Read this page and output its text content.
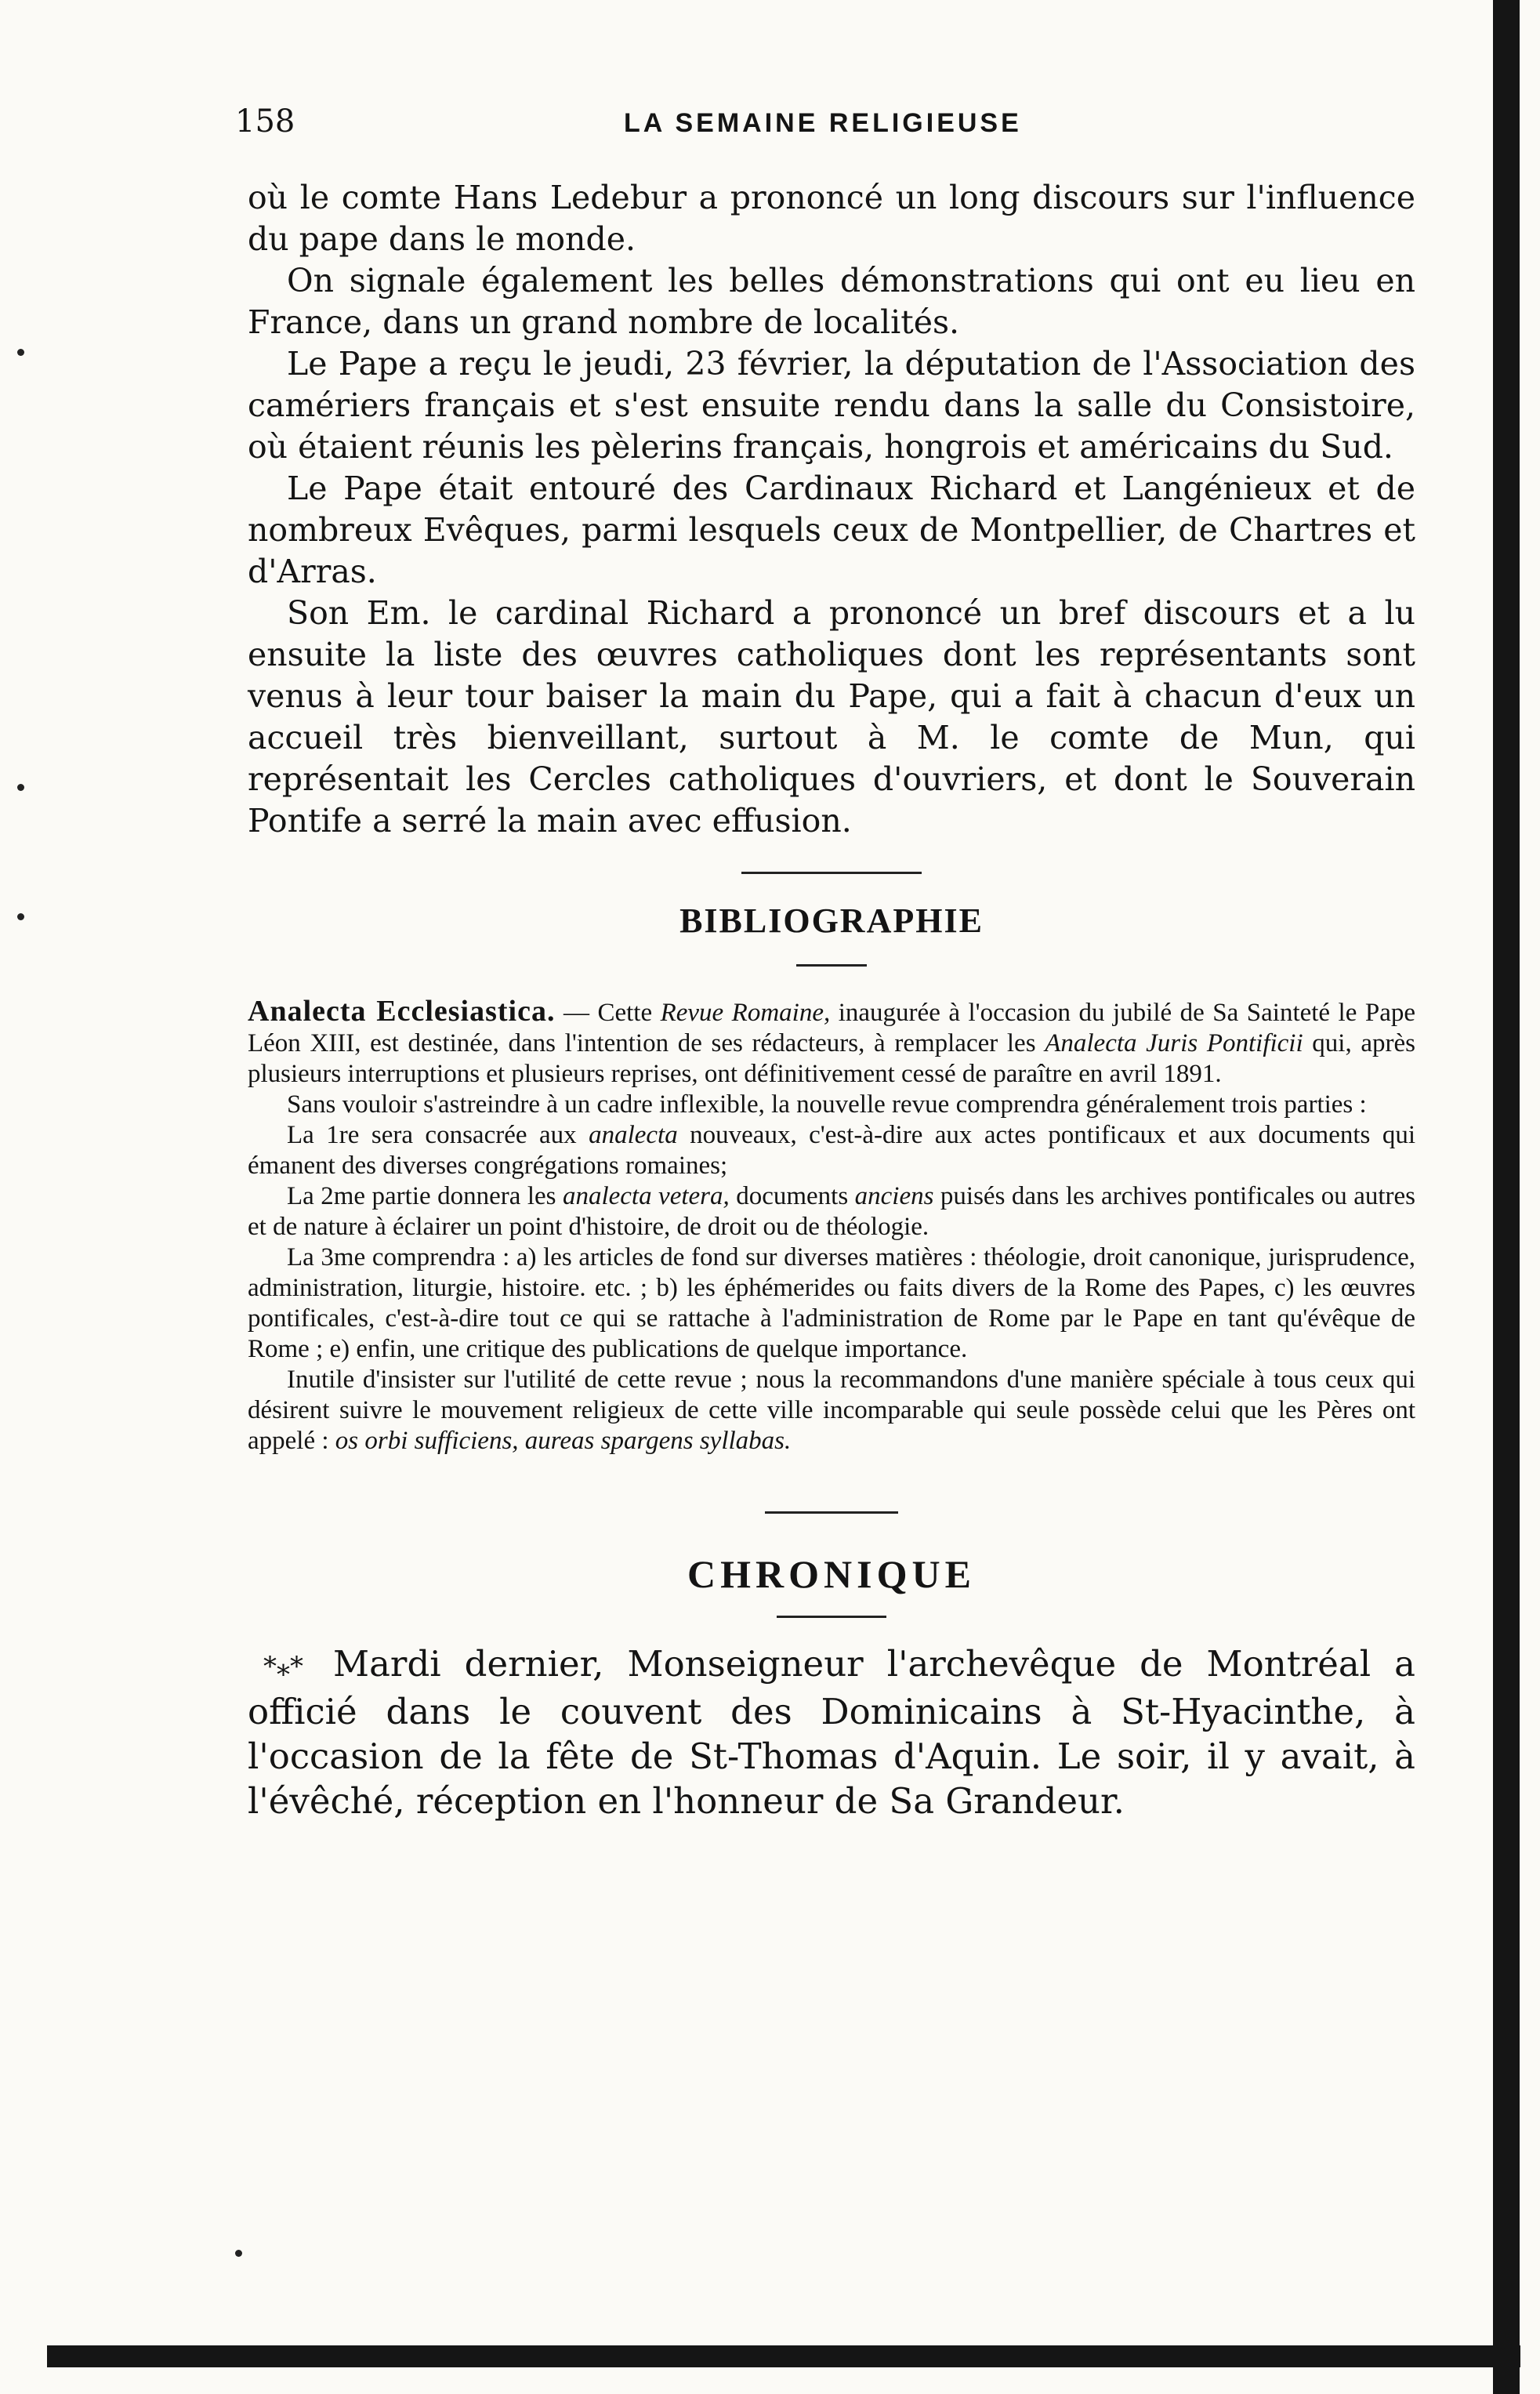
158	LA SEMAINE RELIGIEUSE

où le comte Hans Ledebur a prononcé un long discours sur l'influence du pape dans le monde.

On signale également les belles démonstrations qui ont eu lieu en France, dans un grand nombre de localités.

Le Pape a reçu le jeudi, 23 février, la députation de l'Association des camériers français et s'est ensuite rendu dans la salle du Consistoire, où étaient réunis les pèlerins français, hongrois et américains du Sud.

Le Pape était entouré des Cardinaux Richard et Langénieux et de nombreux Evêques, parmi lesquels ceux de Montpellier, de Chartres et d'Arras.

Son Em. le cardinal Richard a prononcé un bref discours et a lu ensuite la liste des œuvres catholiques dont les représentants sont venus à leur tour baiser la main du Pape, qui a fait à chacun d'eux un accueil très bienveillant, surtout à M. le comte de Mun, qui représentait les Cercles catholiques d'ouvriers, et dont le Souverain Pontife a serré la main avec effusion.

BIBLIOGRAPHIE

Analecta Ecclesiastica. — Cette Revue Romaine, inaugurée à l'occasion du jubilé de Sa Sainteté le Pape Léon XIII, est destinée, dans l'intention de ses rédacteurs, à remplacer les Analecta Juris Pontificii qui, après plusieurs interruptions et plusieurs reprises, ont définitivement cessé de paraître en avril 1891.

Sans vouloir s'astreindre à un cadre inflexible, la nouvelle revue comprendra généralement trois parties :

La 1re sera consacrée aux analecta nouveaux, c'est-à-dire aux actes pontificaux et aux documents qui émanent des diverses congrégations romaines;

La 2me partie donnera les analecta vetera, documents anciens puisés dans les archives pontificales ou autres et de nature à éclairer un point d'histoire, de droit ou de théologie.

La 3me comprendra : a) les articles de fond sur diverses matières : théologie, droit canonique, jurisprudence, administration, liturgie, histoire. etc. ; b) les éphémerides ou faits divers de la Rome des Papes, c) les œuvres pontificales, c'est-à-dire tout ce qui se rattache à l'administration de Rome par le Pape en tant qu'évêque de Rome ; e) enfin, une critique des publications de quelque importance.

Inutile d'insister sur l'utilité de cette revue ; nous la recommandons d'une manière spéciale à tous ceux qui désirent suivre le mouvement religieux de cette ville incomparable qui seule possède celui que les Pères ont appelé : os orbi sufficiens, aureas spargens syllabas.

CHRONIQUE

*⁎* Mardi dernier, Monseigneur l'archevêque de Montréal a officié dans le couvent des Dominicains à St-Hyacinthe, à l'occasion de la fête de St-Thomas d'Aquin. Le soir, il y avait, à l'évêché, réception en l'honneur de Sa Grandeur.
